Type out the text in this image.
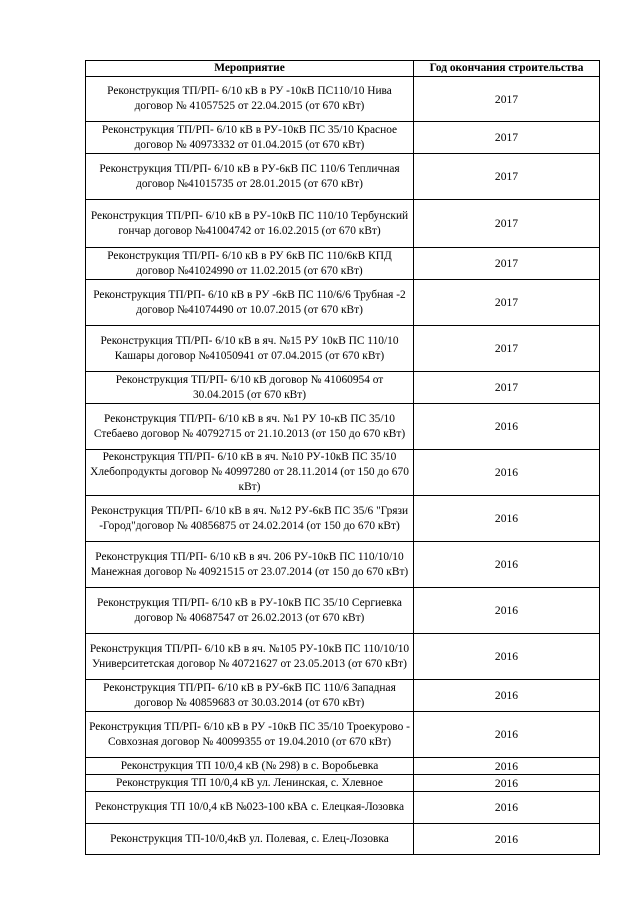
Мероприятие	Год окончания строительства
Реконструкция ТП/РП- 6/10 кВ в РУ -10кВ ПС110/10 Нива договор № 41057525 от 22.04.2015 (от 670 кВт)	2017
Реконструкция ТП/РП- 6/10 кВ в РУ-10кВ ПС 35/10 Красное договор № 40973332 от 01.04.2015 (от 670 кВт)	2017
Реконструкция ТП/РП- 6/10 кВ в РУ-6кВ ПС 110/6 Тепличная договор №41015735 от 28.01.2015 (от 670 кВт)	2017
Реконструкция ТП/РП- 6/10 кВ в РУ-10кВ ПС 110/10 Тербунский гончар договор №41004742 от 16.02.2015 (от 670 кВт)	2017
Реконструкция ТП/РП- 6/10 кВ в РУ 6кВ ПС 110/6кВ КПД договор №41024990 от 11.02.2015 (от 670 кВт)	2017
Реконструкция ТП/РП- 6/10 кВ в РУ -6кВ ПС 110/6/6 Трубная -2 договор №41074490 от 10.07.2015 (от 670 кВт)	2017
Реконструкция ТП/РП- 6/10 кВ в яч. №15 РУ 10кВ ПС 110/10 Кашары договор №41050941 от 07.04.2015 (от 670 кВт)	2017
Реконструкция ТП/РП- 6/10 кВ договор № 41060954 от 30.04.2015 (от 670 кВт)	2017
Реконструкция ТП/РП- 6/10 кВ в яч. №1 РУ 10-кВ ПС 35/10 Стебаево договор № 40792715 от 21.10.2013 (от 150 до 670 кВт)	2016
Реконструкция ТП/РП- 6/10 кВ в яч. №10 РУ-10кВ ПС 35/10 Хлебопродукты договор № 40997280 от 28.11.2014 (от 150 до 670 кВт)	2016
Реконструкция ТП/РП- 6/10 кВ в яч. №12 РУ-6кВ ПС 35/6 "Грязи -Город"договор № 40856875 от 24.02.2014 (от 150 до 670 кВт)	2016
Реконструкция ТП/РП- 6/10 кВ в яч. 206 РУ-10кВ ПС 110/10/10 Манежная договор № 40921515 от 23.07.2014 (от 150 до 670 кВт)	2016
Реконструкция ТП/РП- 6/10 кВ в РУ-10кВ ПС 35/10 Сергиевка договор № 40687547 от 26.02.2013 (от 670 кВт)	2016
Реконструкция ТП/РП- 6/10 кВ в яч. №105 РУ-10кВ ПС 110/10/10 Университетская договор № 40721627 от 23.05.2013 (от 670 кВт)	2016
Реконструкция ТП/РП- 6/10 кВ в РУ-6кВ ПС 110/6 Западная договор № 40859683 от 30.03.2014 (от 670 кВт)	2016
Реконструкция ТП/РП- 6/10 кВ в РУ -10кВ ПС 35/10 Троекурово - Совхозная договор № 40099355 от 19.04.2010 (от 670 кВт)	2016
Реконструкция ТП 10/0,4 кВ (№ 298) в с. Воробьевка	2016
Реконструкция ТП 10/0,4 кВ ул. Ленинская, с. Хлевное	2016
Реконструкция ТП 10/0,4 кВ №023-100 кВА с. Елецкая-Лозовка	2016
Реконструкция ТП-10/0,4кВ ул. Полевая, с. Елец-Лозовка	2016
